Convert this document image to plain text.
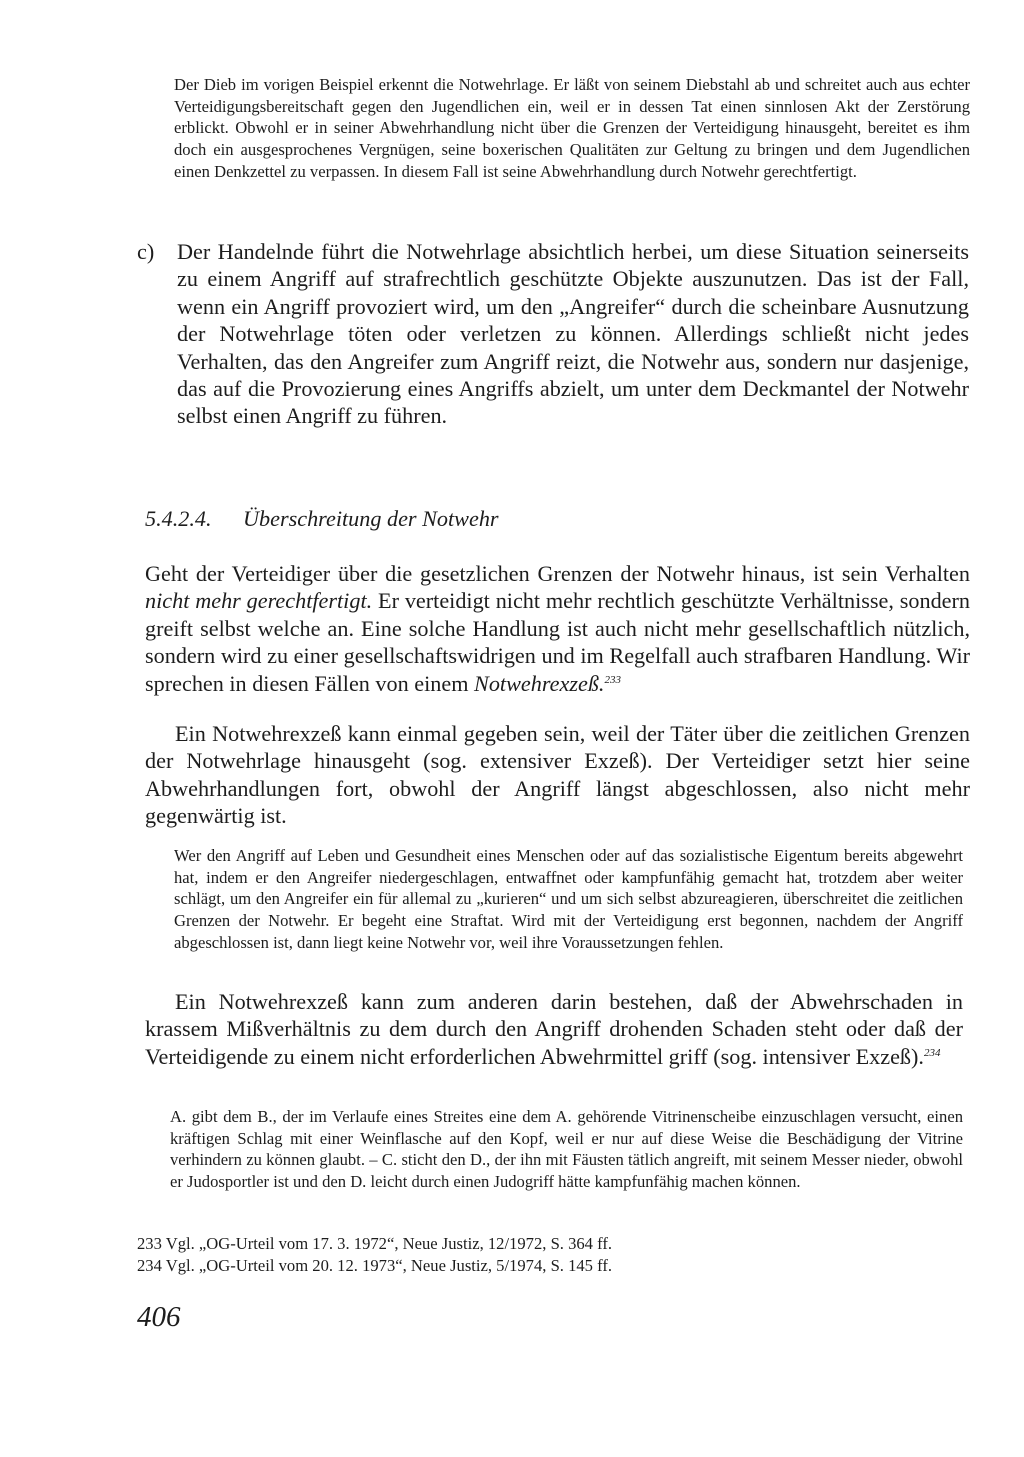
Der Dieb im vorigen Beispiel erkennt die Notwehrlage. Er läßt von seinem Diebstahl ab und schreitet auch aus echter Verteidigungsbereitschaft gegen den Jugendlichen ein, weil er in dessen Tat einen sinnlosen Akt der Zerstörung erblickt. Obwohl er in seiner Abwehrhandlung nicht über die Grenzen der Verteidigung hinausgeht, bereitet es ihm doch ein ausgesprochenes Vergnügen, seine boxerischen Qualitäten zur Geltung zu bringen und dem Jugendlichen einen Denkzettel zu verpassen. In diesem Fall ist seine Abwehrhandlung durch Notwehr gerechtfertigt.

c) Der Handelnde führt die Notwehrlage absichtlich herbei, um diese Situation seinerseits zu einem Angriff auf strafrechtlich geschützte Objekte auszunutzen. Das ist der Fall, wenn ein Angriff provoziert wird, um den „Angreifer“ durch die scheinbare Ausnutzung der Notwehrlage töten oder verletzen zu können. Allerdings schließt nicht jedes Verhalten, das den Angreifer zum Angriff reizt, die Notwehr aus, sondern nur dasjenige, das auf die Provozierung eines Angriffs abzielt, um unter dem Deckmantel der Notwehr selbst einen Angriff zu führen.
5.4.2.4. Überschreitung der Notwehr

Geht der Verteidiger über die gesetzlichen Grenzen der Notwehr hinaus, ist sein Verhalten nicht mehr gerechtfertigt. Er verteidigt nicht mehr rechtlich geschützte Verhältnisse, sondern greift selbst welche an. Eine solche Handlung ist auch nicht mehr gesellschaftlich nützlich, sondern wird zu einer gesellschaftswidrigen und im Regelfall auch strafbaren Handlung. Wir sprechen in diesen Fällen von einem Notwehrexzeß.$^{233}$

Ein Notwehrexzeß kann einmal gegeben sein, weil der Täter über die zeitlichen Grenzen der Notwehrlage hinausgeht (sog. extensiver Exzeß). Der Verteidiger setzt hier seine Abwehrhandlungen fort, obwohl der Angriff längst abgeschlossen, also nicht mehr gegenwärtig ist.

Wer den Angriff auf Leben und Gesundheit eines Menschen oder auf das sozialistische Eigentum bereits abgewehrt hat, indem er den Angreifer niedergeschlagen, entwaffnet oder kampfunfähig gemacht hat, trotzdem aber weiter schlägt, um den Angreifer ein für allemal zu „kurieren“ und um sich selbst abzureagieren, überschreitet die zeitlichen Grenzen der Notwehr. Er begeht eine Straftat. Wird mit der Verteidigung erst begonnen, nachdem der Angriff abgeschlossen ist, dann liegt keine Notwehr vor, weil ihre Voraussetzungen fehlen.

Ein Notwehrexzeß kann zum anderen darin bestehen, daß der Abwehrschaden in krassem Mißverhältnis zu dem durch den Angriff drohenden Schaden steht oder daß der Verteidigende zu einem nicht erforderlichen Abwehrmittel griff (sog. intensiver Exzeß).$^{234}$

A. gibt dem B., der im Verlaufe eines Streites eine dem A. gehörende Vitrinenscheibe einzuschlagen versucht, einen kräftigen Schlag mit einer Weinflasche auf den Kopf, weil er nur auf diese Weise die Beschädigung der Vitrine verhindern zu können glaubt. – C. sticht den D., der ihn mit Fäusten tätlich angreift, mit seinem Messer nieder, obwohl er Judosportler ist und den D. leicht durch einen Judogriff hätte kampfunfähig machen können.

233 Vgl. „OG-Urteil vom 17. 3. 1972“, Neue Justiz, 12/1972, S. 364 ff.
234 Vgl. „OG-Urteil vom 20. 12. 1973“, Neue Justiz, 5/1974, S. 145 ff.
406
